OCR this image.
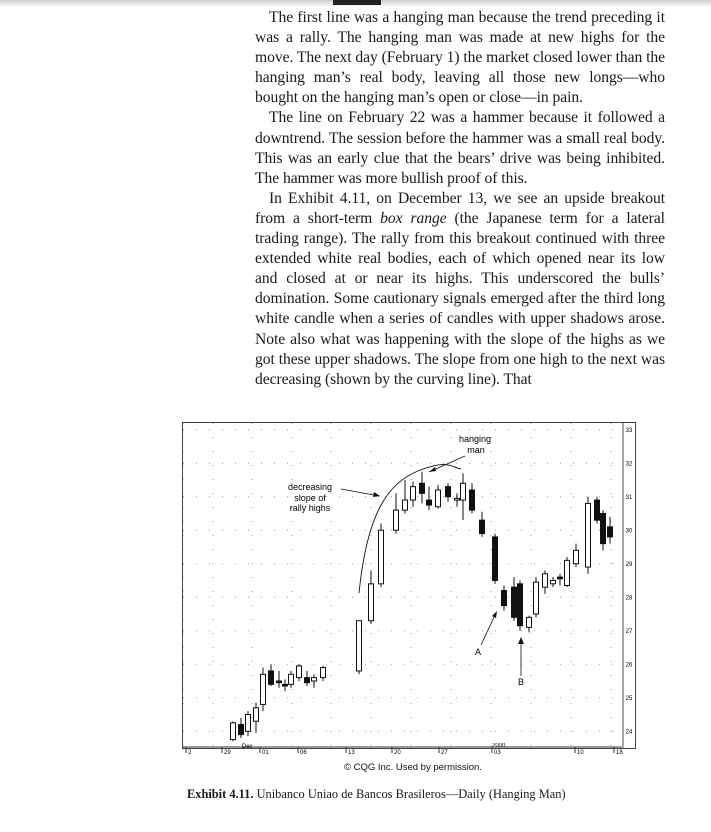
The first line was a hanging man because the trend preceding it was a rally. The hanging man was made at new highs for the move. The next day (February 1) the market closed lower than the hanging man’s real body, leaving all those new longs—who bought on the hanging man’s open or close—in pain.

The line on February 22 was a hammer because it followed a downtrend. The session before the hammer was a small real body. This was an early clue that the bears’ drive was being inhibited. The hammer was more bullish proof of this.

In Exhibit 4.11, on December 13, we see an upside breakout from a short-term box range (the Japanese term for a lateral trading range). The rally from this breakout continued with three extended white real bodies, each of which opened near its low and closed at or near its highs. This underscored the bulls’ domination. Some cautionary signals emerged after the third long white candle when a series of candles with upper shadows arose. Note also what was happening with the slope of the highs as we got these upper shadows. The slope from one high to the next was decreasing (shown by the curving line). That

33
32
31
30
29
28
27
26
25
24
hanging
man
decreasing
slope of
rally highs
A
B
2	29	01	06	13	20	27	03	10	18
Dec	2000
© CQG Inc. Used by permission.
Exhibit 4.11. Unibanco Uniao de Bancos Brasileros—Daily (Hanging Man)
